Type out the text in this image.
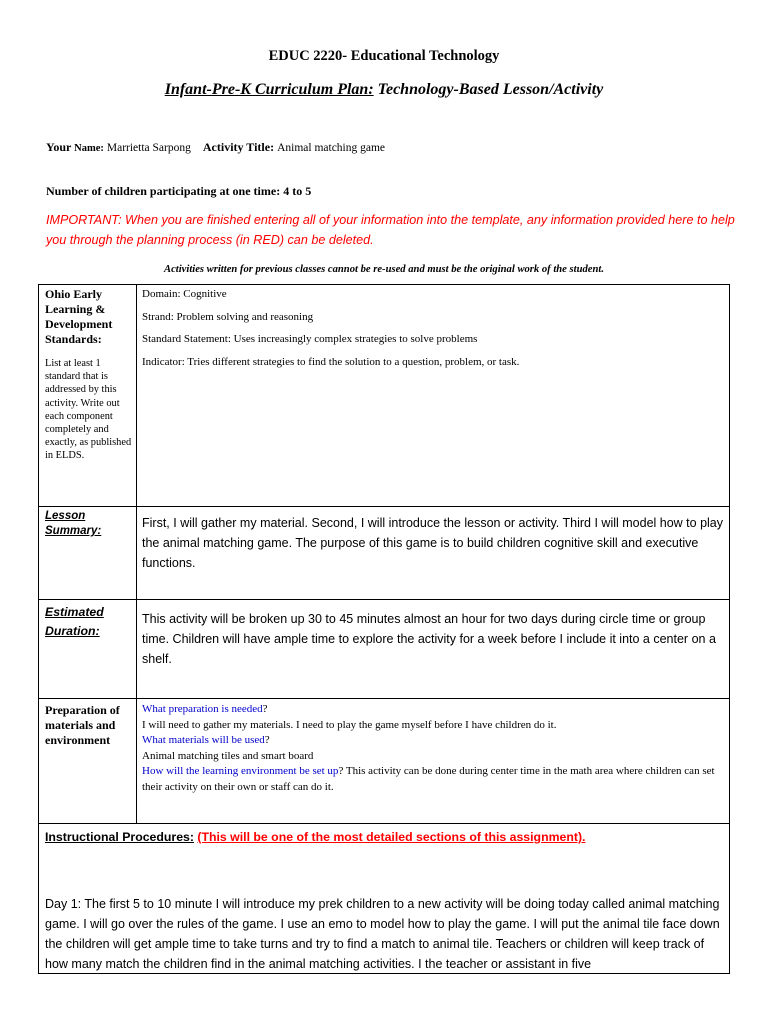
EDUC 2220- Educational Technology
Infant-Pre-K Curriculum Plan: Technology-Based Lesson/Activity
Your Name: Marrietta Sarpong Activity Title: Animal matching game
Number of children participating at one time: 4 to 5
IMPORTANT: When you are finished entering all of your information into the template, any information provided here to help you through the planning process (in RED) can be deleted.
Activities written for previous classes cannot be re-used and must be the original work of the student.
Ohio Early Learning & Development Standards:
List at least 1 standard that is addressed by this activity. Write out each component completely and exactly, as published in ELDS.
Domain: Cognitive
Strand: Problem solving and reasoning
Standard Statement: Uses increasingly complex strategies to solve problems
Indicator: Tries different strategies to find the solution to a question, problem, or task.
Lesson Summary:
First, I will gather my material. Second, I will introduce the lesson or activity. Third I will model how to play the animal matching game. The purpose of this game is to build children cognitive skill and executive functions.
Estimated Duration:
This activity will be broken up 30 to 45 minutes almost an hour for two days during circle time or group time. Children will have ample time to explore the activity for a week before I include it into a center on a shelf.
Preparation of materials and environment
What preparation is needed?
I will need to gather my materials. I need to play the game myself before I have children do it.
What materials will be used?
Animal matching tiles and smart board
How will the learning environment be set up? This activity can be done during center time in the math area where children can set their activity on their own or staff can do it.
Instructional Procedures: (This will be one of the most detailed sections of this assignment).
Day 1: The first 5 to 10 minute I will introduce my prek children to a new activity will be doing today called animal matching game. I will go over the rules of the game. I use an emo to model how to play the game. I will put the animal tile face down the children will get ample time to take turns and try to find a match to animal tile. Teachers or children will keep track of how many match the children find in the animal matching activities. I the teacher or assistant in five
